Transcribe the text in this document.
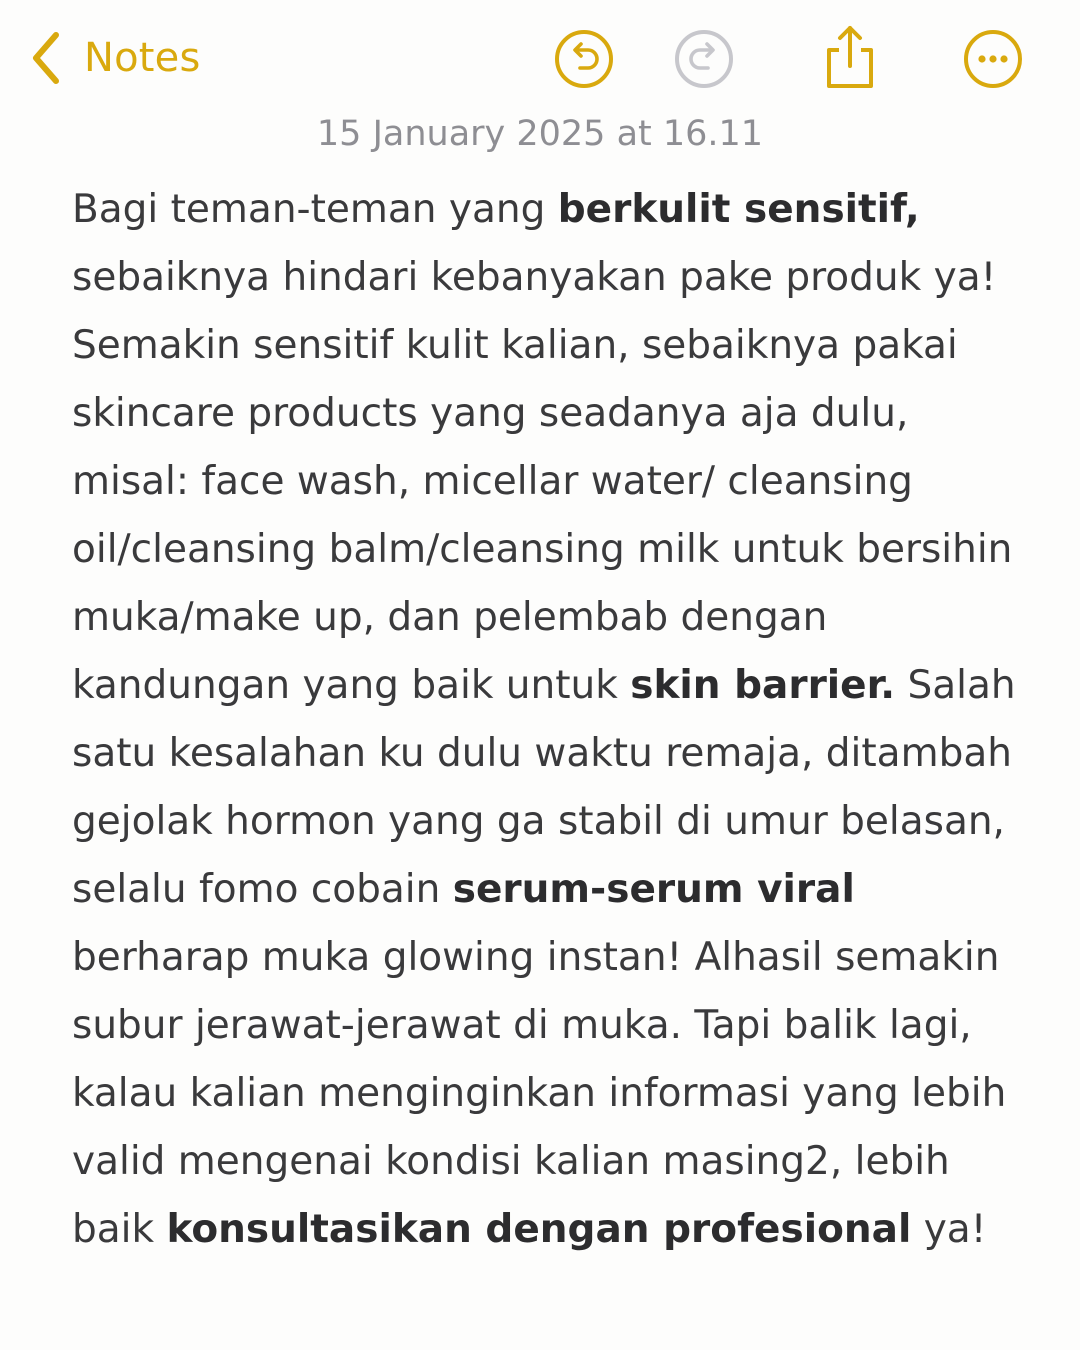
Notes
15 January 2025 at 16.11

Bagi teman-teman yang berkulit sensitif, sebaiknya hindari kebanyakan pake produk ya! Semakin sensitif kulit kalian, sebaiknya pakai skincare products yang seadanya aja dulu, misal: face wash, micellar water/ cleansing oil/cleansing balm/cleansing milk untuk bersihin muka/make up, dan pelembab dengan kandungan yang baik untuk skin barrier. Salah satu kesalahan ku dulu waktu remaja, ditambah gejolak hormon yang ga stabil di umur belasan, selalu fomo cobain serum-serum viral berharap muka glowing instan! Alhasil semakin subur jerawat-jerawat di muka. Tapi balik lagi, kalau kalian menginginkan informasi yang lebih valid mengenai kondisi kalian masing2, lebih baik konsultasikan dengan profesional ya!
